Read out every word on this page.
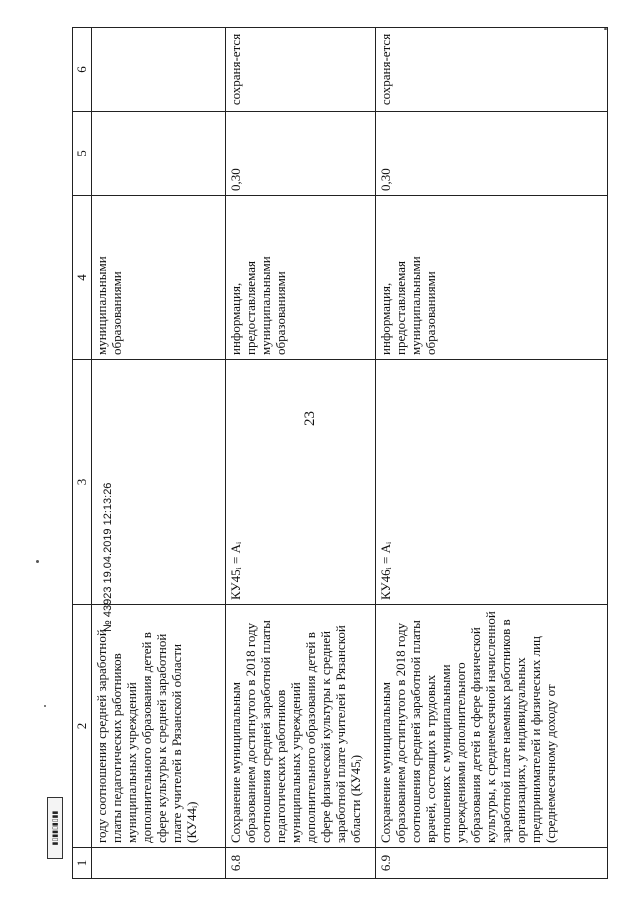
23
1	2	3	4	5	6
	году соотношения средней заработной платы педагогических работников муниципальных учреждений дополнительного образования детей в сфере культуры к средней заработной плате учителей в Рязанской области (КУ44ᵢ)		муниципальными образованиями		
6.8	Сохранение муниципальным образованием достигнутого в 2018 году соотношения средней заработной платы педагогических работников муниципальных учреждений дополнительного образования детей в сфере физической культуры к средней заработной плате учителей в Рязанской области (КУ45ᵢ)	КУ45ᵢ = Аᵢ	информация, предоставляемая муниципальными образованиями	0,30	сохраня-ется
6.9	Сохранение муниципальным образованием достигнутого в 2018 году соотношения средней заработной платы врачей, состоящих в трудовых отношениях с муниципальными учреждениями дополнительного образования детей в сфере физической культуры, к среднемесячной начисленной заработной плате наемных работников в организациях, у индивидуальных предпринимателей и физических лиц (среднемесячному доходу от	КУ46ᵢ = Аᵢ	информация, предоставляемая муниципальными образованиями	0,30	сохраня-ется
▮▯▮▮▯▮▯▮▮
№ 43923 19.04.2019 12:13:26
